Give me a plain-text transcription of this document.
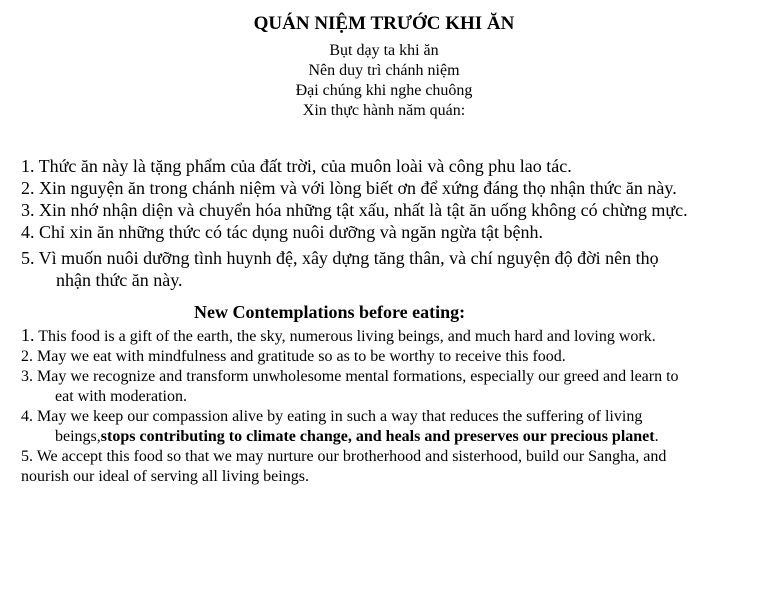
QUÁN NIỆM TRƯỚC KHI ĂN
Bụt dạy ta khi ăn
Nên duy trì chánh niệm
Đại chúng khi nghe chuông
Xin thực hành năm quán:
1. Thức ăn này là tặng phẩm của đất trời, của muôn loài và công phu lao tác.
2. Xin nguyện ăn trong chánh niệm và với lòng biết ơn để xứng đáng thọ nhận thức ăn này.
3. Xin nhớ nhận diện và chuyển hóa những tật xấu, nhất là tật ăn uống không có chừng mực.
4. Chỉ xin ăn những thức có tác dụng nuôi dưỡng và ngăn ngừa tật bệnh.
5. Vì muốn nuôi dưỡng tình huynh đệ, xây dựng tăng thân, và chí nguyện độ đời nên thọ
nhận thức ăn này.
New Contemplations before eating:
1. This food is a gift of the earth, the sky, numerous living beings, and much hard and loving work.
2. May we eat with mindfulness and gratitude so as to be worthy to receive this food.
3. May we recognize and transform unwholesome mental formations, especially our greed and learn to
eat with moderation.
4. May we keep our compassion alive by eating in such a way that reduces the suffering of living
beings,stops contributing to climate change, and heals and preserves our precious planet.
5. We accept this food so that we may nurture our brotherhood and sisterhood, build our Sangha, and
nourish our ideal of serving all living beings.
